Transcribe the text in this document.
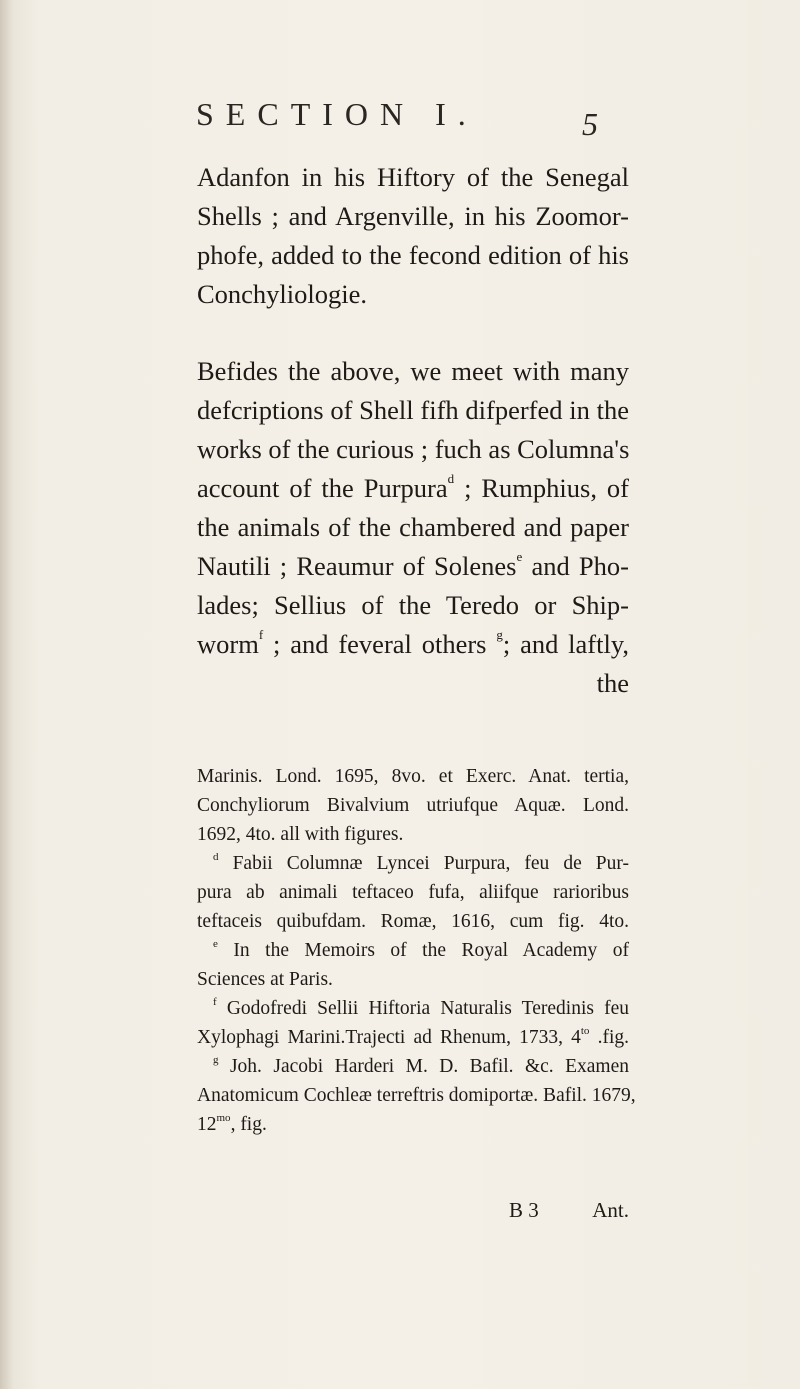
SECTION I.	5

Adanfon in his Hiftory of the Senegal
Shells ; and Argenville, in his Zoomor-
phofe, added to the fecond edition of his
Conchyliologie.

Befides the above, we meet with many
defcriptions of Shell fifh difperfed in the
works of the curious ; fuch as Columna's
account of the Purpura$^d$ ; Rumphius, of
the animals of the chambered and paper
Nautili ; Reaumur of Solenes$^e$ and Pho-
lades; Sellius of the Teredo or Ship-
worm$^f$ ; and feveral others $^g$; and laftly,
the

Marinis. Lond. 1695, 8vo. et Exerc. Anat. tertia,
Conchyliorum Bivalvium utriufque Aquæ. Lond.
1692, 4to. all with figures.
$^d$ Fabii Columnæ Lyncei Purpura, feu de Pur-
pura ab animali teftaceo fufa, aliifque rarioribus
teftaceis quibufdam. Romæ, 1616, cum fig. 4to.
$^e$ In the Memoirs of the Royal Academy of
Sciences at Paris.
$^f$ Godofredi Sellii Hiftoria Naturalis Teredinis feu
Xylophagi Marini.Trajecti ad Rhenum, 1733, $4^{to}$ .fig.
$^g$ Joh. Jacobi Harderi M. D. Bafil. &c. Examen
Anatomicum Cochleæ terreftris domiportæ. Bafil. 1679,
$12^{mo}$, fig.
B 3	Ant.
